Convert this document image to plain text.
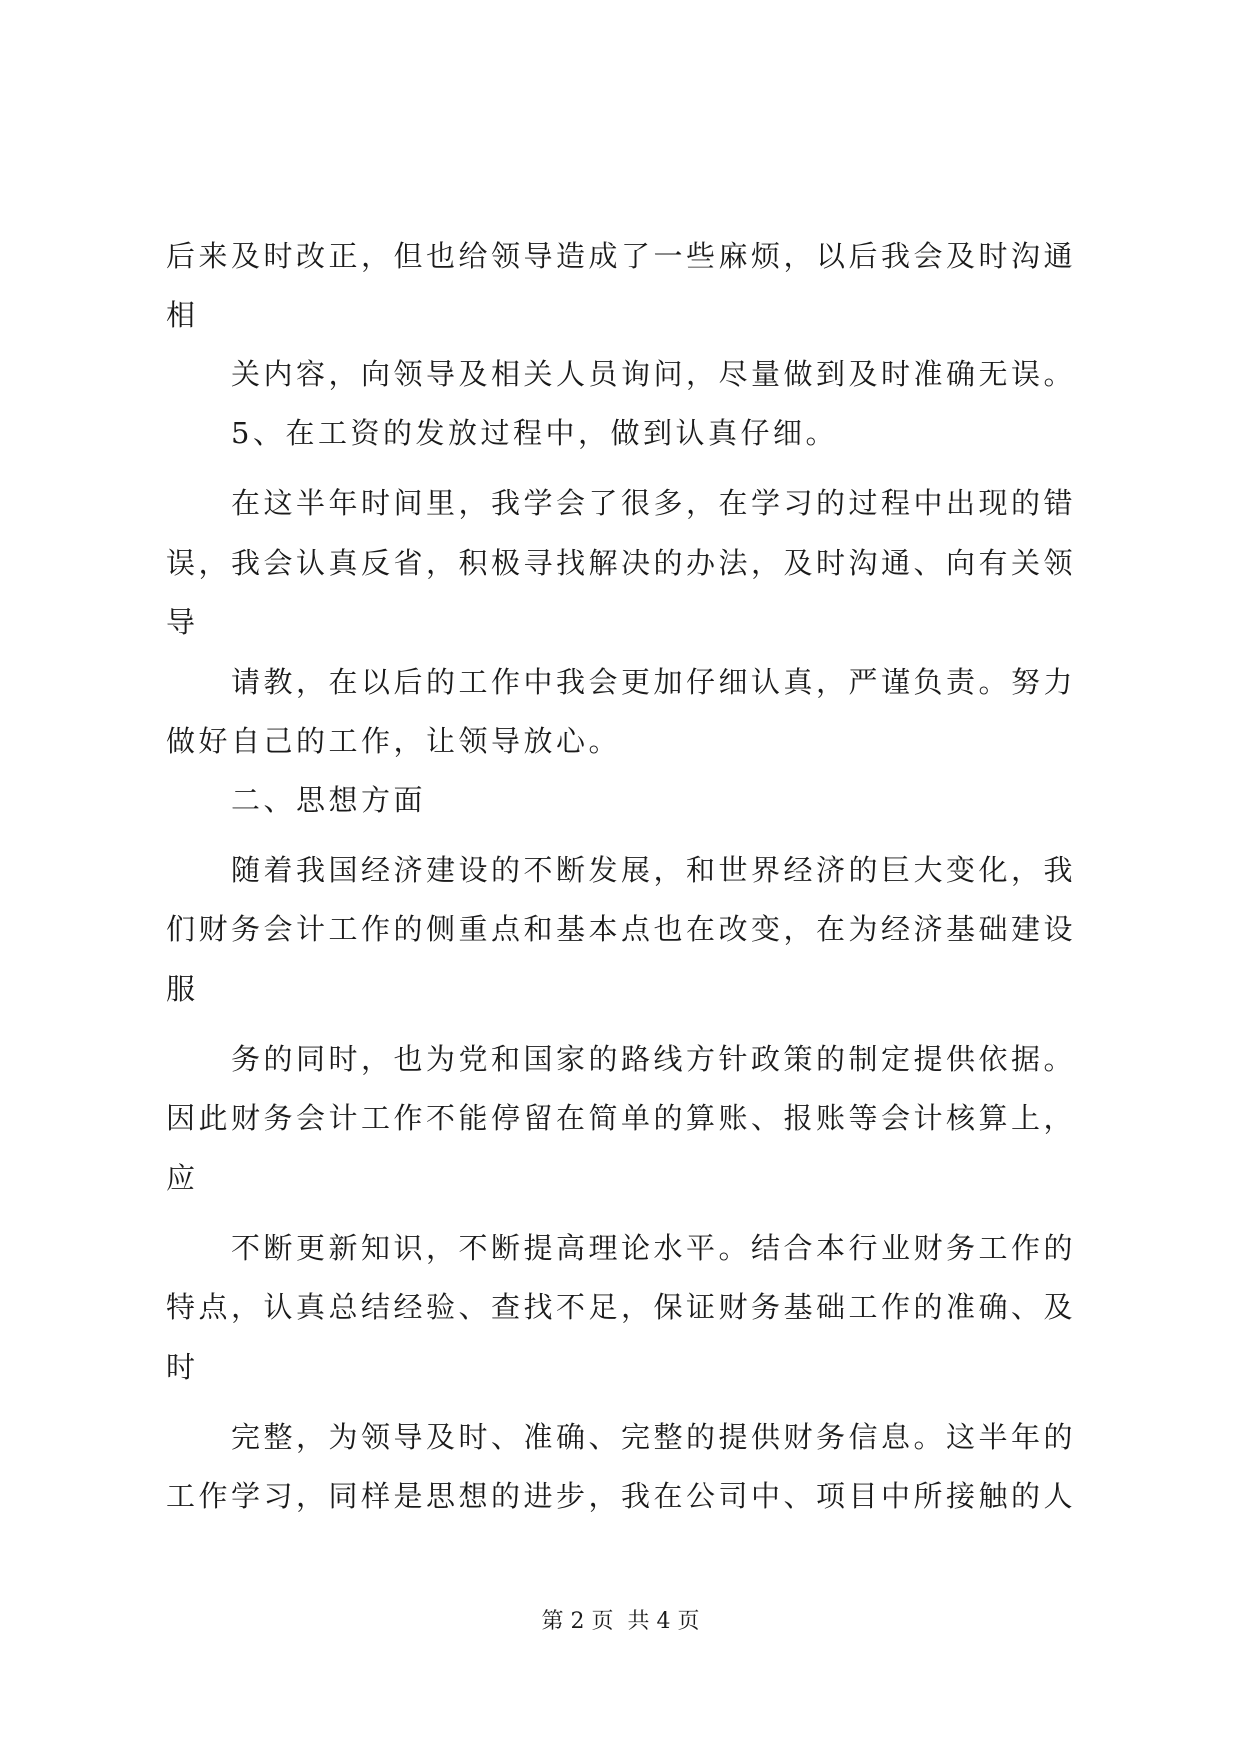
后来及时改正，但也给领导造成了一些麻烦，以后我会及时沟通
相
关内容，向领导及相关人员询问，尽量做到及时准确无误。
5、在工资的发放过程中，做到认真仔细。
在这半年时间里，我学会了很多，在学习的过程中出现的错
误，我会认真反省，积极寻找解决的办法，及时沟通、向有关领
导
请教，在以后的工作中我会更加仔细认真，严谨负责。努力
做好自己的工作，让领导放心。
二、思想方面
随着我国经济建设的不断发展，和世界经济的巨大变化，我
们财务会计工作的侧重点和基本点也在改变，在为经济基础建设
服
务的同时，也为党和国家的路线方针政策的制定提供依据。
因此财务会计工作不能停留在简单的算账、报账等会计核算上，
应
不断更新知识，不断提高理论水平。结合本行业财务工作的
特点，认真总结经验、查找不足，保证财务基础工作的准确、及
时
完整，为领导及时、准确、完整的提供财务信息。这半年的
工作学习，同样是思想的进步，我在公司中、项目中所接触的人
第 2 页  共 4 页
